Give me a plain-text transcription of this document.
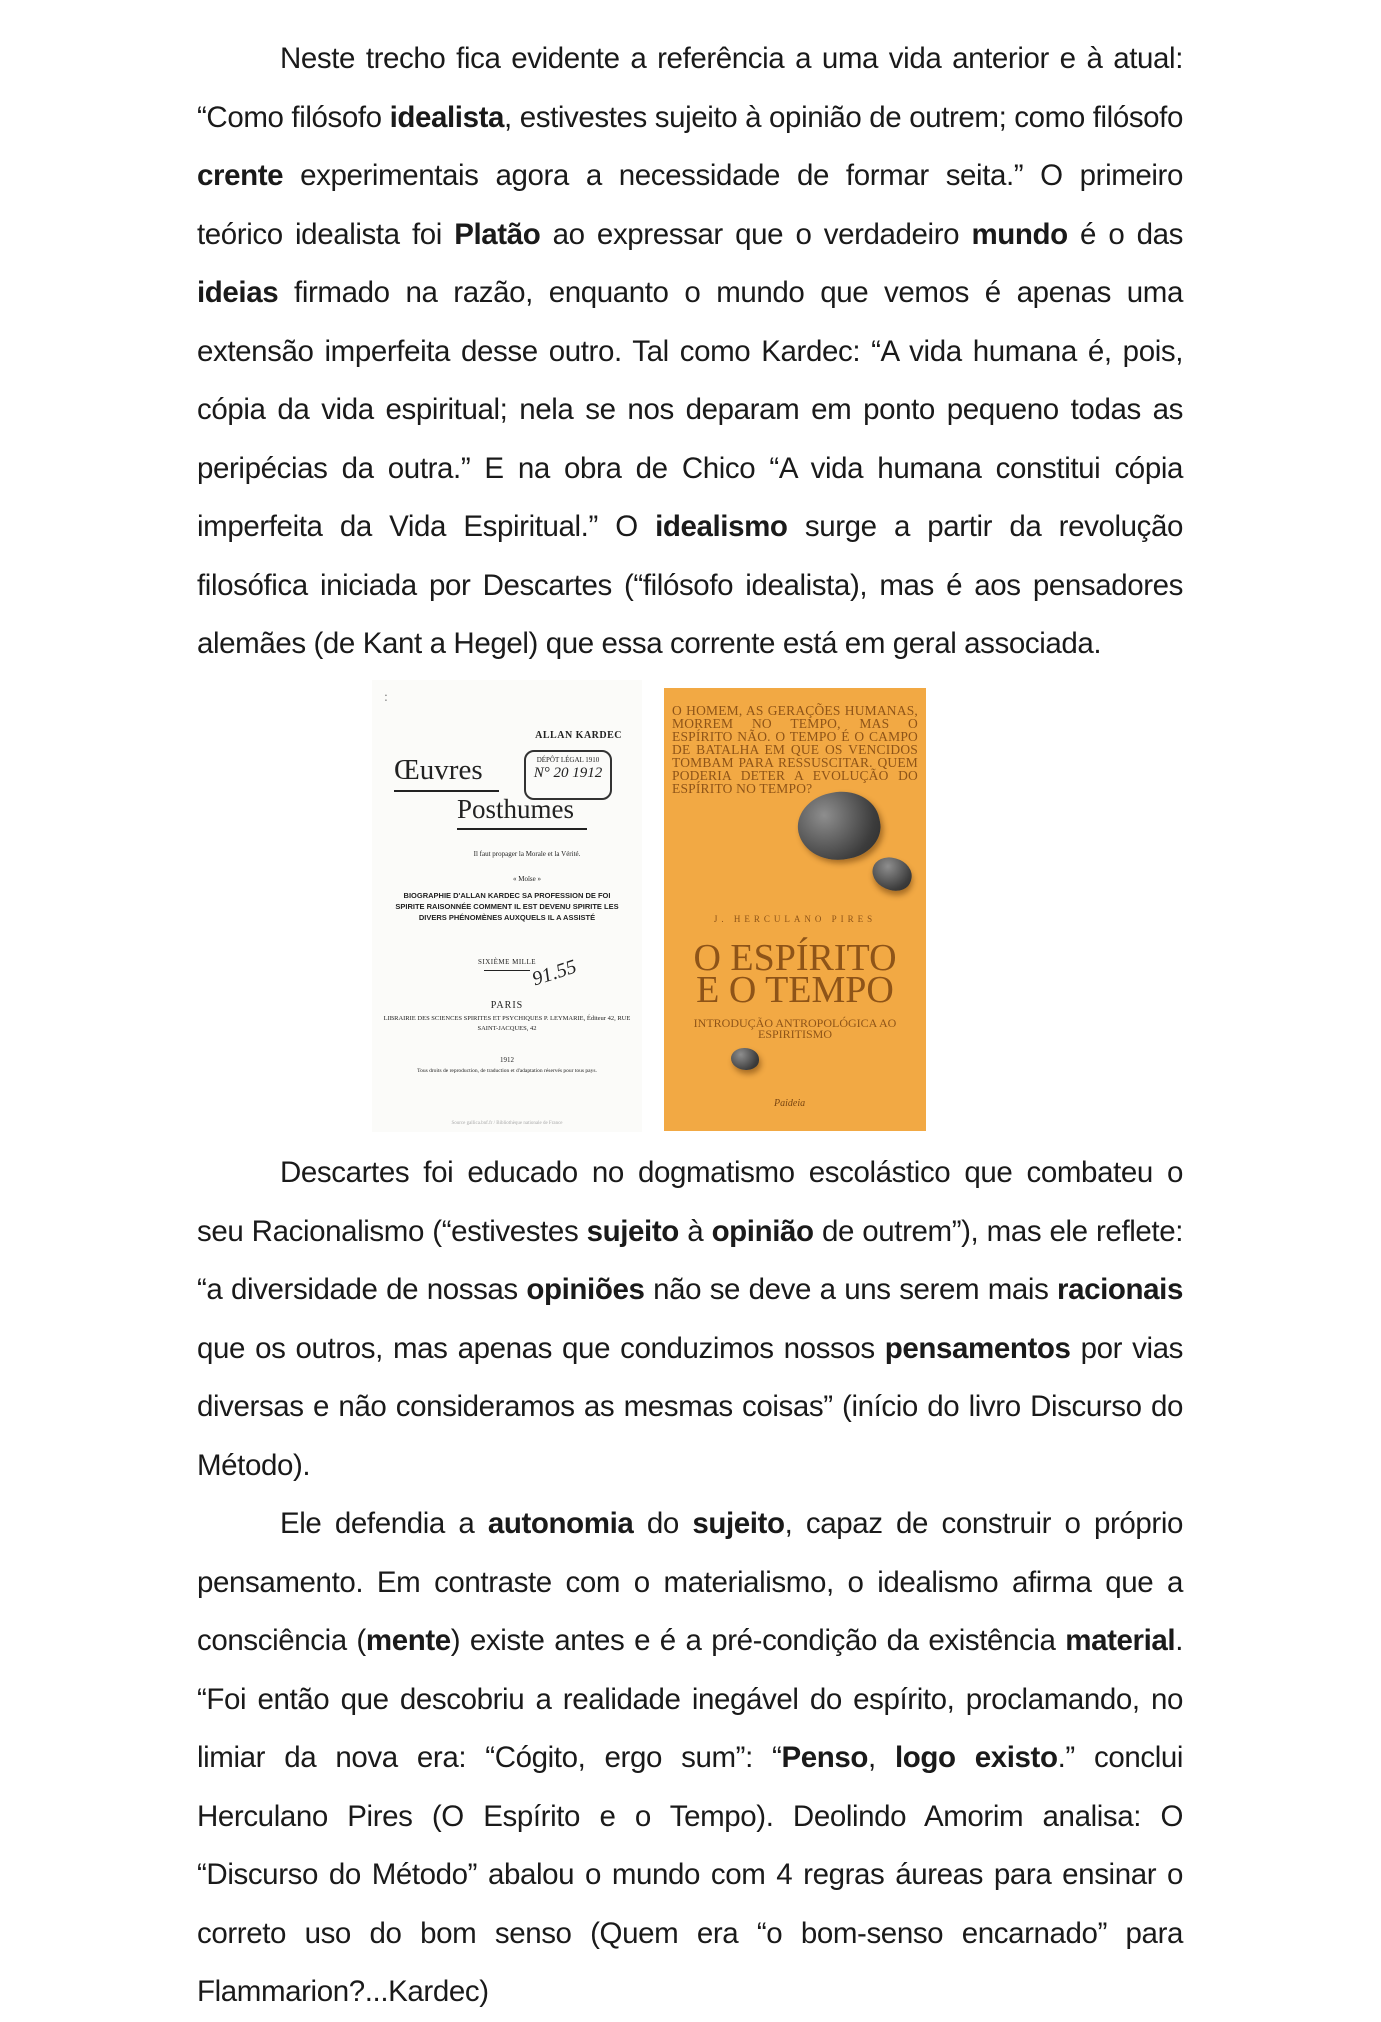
Neste trecho fica evidente a referência a uma vida anterior e à atual: “Como filósofo idealista, estivestes sujeito à opinião de outrem; como filósofo crente experimentais agora a necessidade de formar seita.” O primeiro teórico idealista foi Platão ao expressar que o verdadeiro mundo é o das ideias firmado na razão, enquanto o mundo que vemos é apenas uma extensão imperfeita desse outro. Tal como Kardec: “A vida humana é, pois, cópia da vida espiritual; nela se nos deparam em ponto pequeno todas as peripécias da outra.” E na obra de Chico “A vida humana constitui cópia imperfeita da Vida Espiritual.” O idealismo surge a partir da revolução filosófica iniciada por Descartes (“filósofo idealista), mas é aos pensadores alemães (de Kant a Hegel) que essa corrente está em geral associada.

:
ALLAN KARDEC
Œuvres
Posthumes
DÉPÔT LÉGAL 1910
N° 20 1912
Il faut propager la Morale et la Vérité.
« Moïse »
BIOGRAPHIE D'ALLAN KARDEC SA PROFESSION DE FOI SPIRITE RAISONNÉE COMMENT IL EST DEVENU SPIRITE LES DIVERS PHÉNOMÈNES AUXQUELS IL A ASSISTÉ
SIXIÈME MILLE
91.55
PARIS
LIBRAIRIE DES SCIENCES SPIRITES ET PSYCHIQUES P. LEYMARIE, Éditeur 42, RUE SAINT-JACQUES, 42
1912
Tous droits de reproduction, de traduction et d'adaptation réservés pour tous pays.
Source gallica.bnf.fr / Bibliothèque nationale de France
O HOMEM, AS GERAÇÕES HUMANAS, MORREM NO TEMPO, MAS O ESPÍRITO NÃO. O TEMPO É O CAMPO DE BATALHA EM QUE OS VENCIDOS TOMBAM PARA RESSUSCITAR. QUEM PODERIA DETER A EVOLUÇÃO DO ESPÍRITO NO TEMPO?
J. HERCULANO PIRES
O ESPÍRITO
E O TEMPO
INTRODUÇÃO ANTROPOLÓGICA AO ESPIRITISMO
Paideia

Descartes foi educado no dogmatismo escolástico que combateu o seu Racionalismo (“estivestes sujeito à opinião de outrem”), mas ele reflete: “a diversidade de nossas opiniões não se deve a uns serem mais racionais que os outros, mas apenas que conduzimos nossos pensamentos por vias diversas e não consideramos as mesmas coisas” (início do livro Discurso do Método).

Ele defendia a autonomia do sujeito, capaz de construir o próprio pensamento. Em contraste com o materialismo, o idealismo afirma que a consciência (mente) existe antes e é a pré-condição da existência material. “Foi então que descobriu a realidade inegável do espírito, proclamando, no limiar da nova era: “Cógito, ergo sum”: “Penso, logo existo.” conclui Herculano Pires (O Espírito e o Tempo). Deolindo Amorim analisa: O “Discurso do Método” abalou o mundo com 4 regras áureas para ensinar o correto uso do bom senso (Quem era “o bom-senso encarnado” para Flammarion?...Kardec)
